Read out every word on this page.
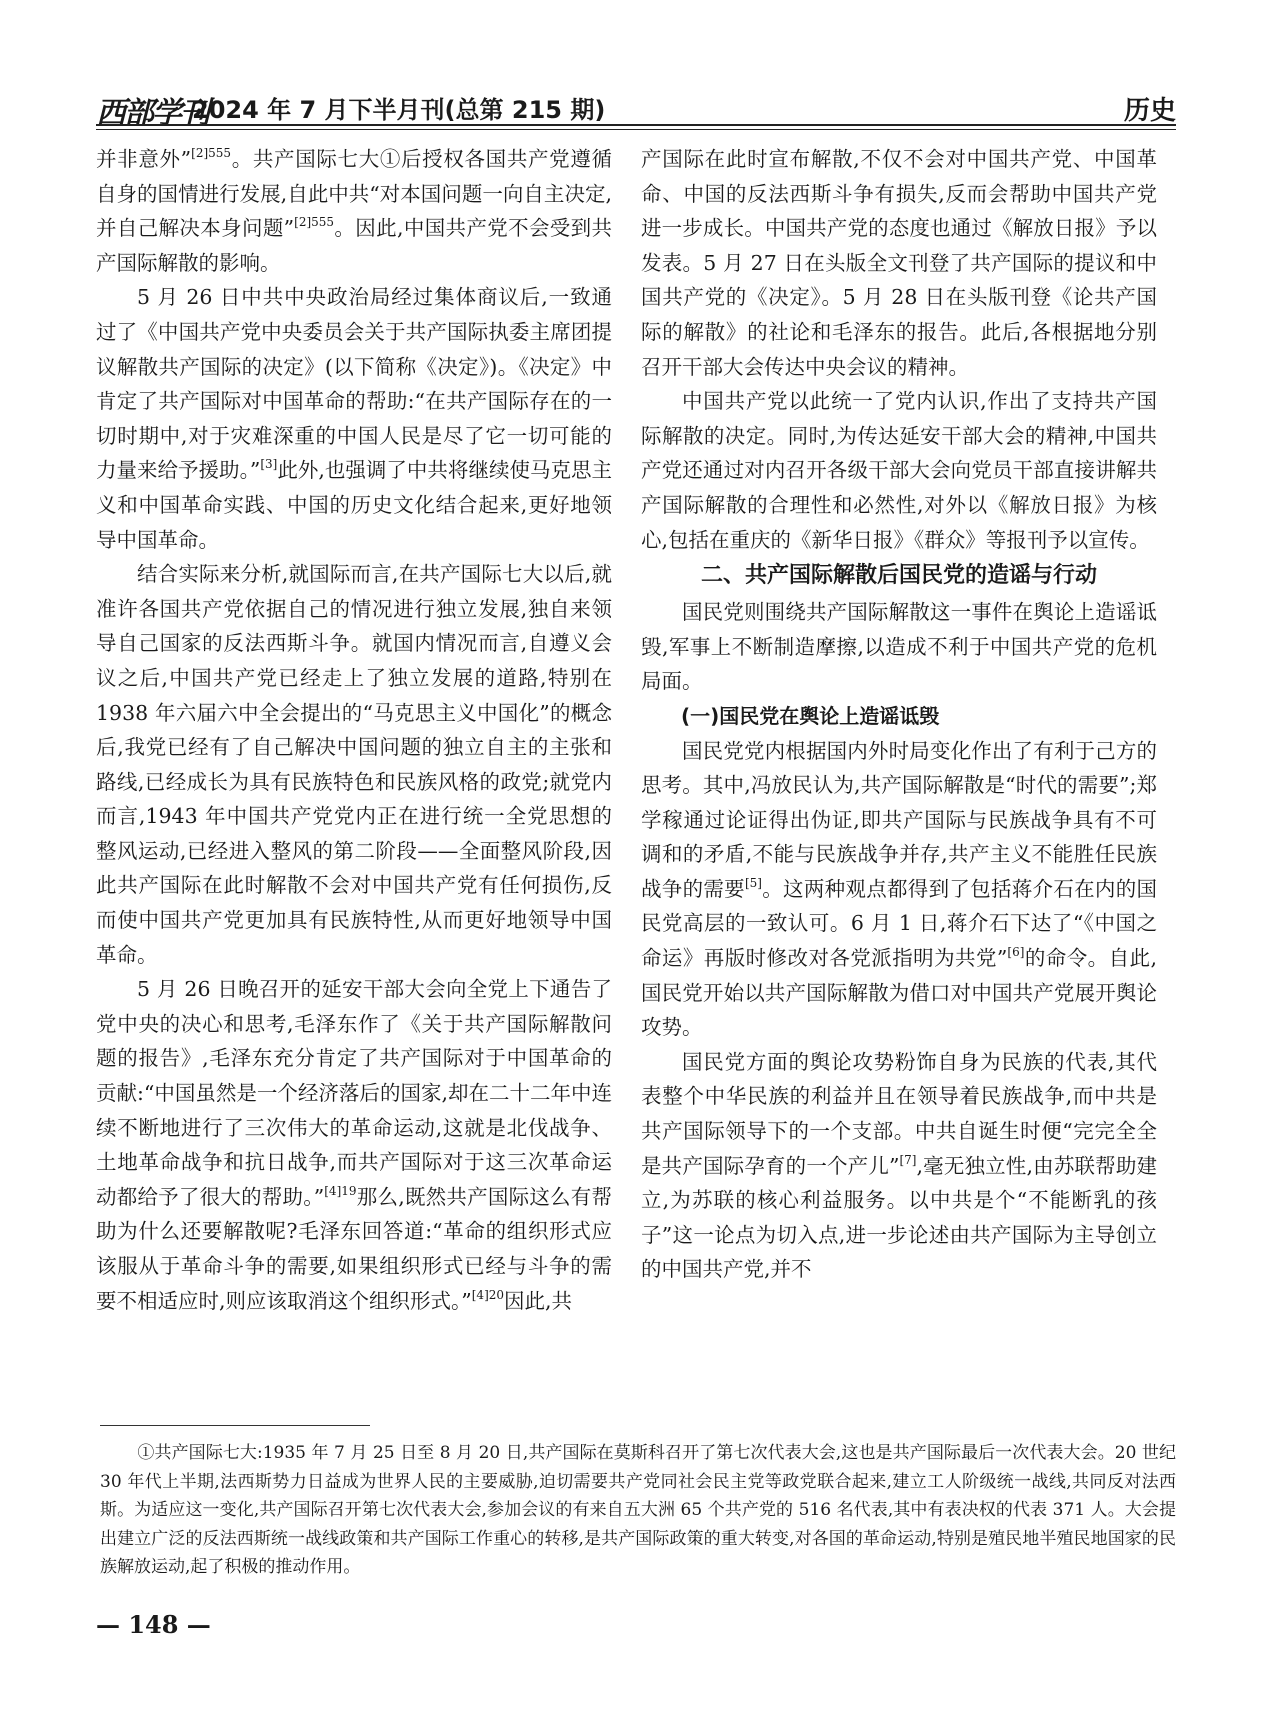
西部学刊
2024 年 7 月下半月刊(总第 215 期)	历史

并非意外”$^{[2]555}$。共产国际七大①后授权各国共产党遵循自身的国情进行发展,自此中共“对本国问题一向自主决定,并自己解决本身问题”$^{[2]555}$。因此,中国共产党不会受到共产国际解散的影响。

5 月 26 日中共中央政治局经过集体商议后,一致通过了《中国共产党中央委员会关于共产国际执委主席团提议解散共产国际的决定》(以下简称《决定》)。《决定》中肯定了共产国际对中国革命的帮助:“在共产国际存在的一切时期中,对于灾难深重的中国人民是尽了它一切可能的力量来给予援助。”[3]此外,也强调了中共将继续使马克思主义和中国革命实践、中国的历史文化结合起来,更好地领导中国革命。

结合实际来分析,就国际而言,在共产国际七大以后,就准许各国共产党依据自己的情况进行独立发展,独自来领导自己国家的反法西斯斗争。就国内情况而言,自遵义会议之后,中国共产党已经走上了独立发展的道路,特别在 1938 年六届六中全会提出的“马克思主义中国化”的概念后,我党已经有了自己解决中国问题的独立自主的主张和路线,已经成长为具有民族特色和民族风格的政党;就党内而言,1943 年中国共产党党内正在进行统一全党思想的整风运动,已经进入整风的第二阶段——全面整风阶段,因此共产国际在此时解散不会对中国共产党有任何损伤,反而使中国共产党更加具有民族特性,从而更好地领导中国革命。

5 月 26 日晚召开的延安干部大会向全党上下通告了党中央的决心和思考,毛泽东作了《关于共产国际解散问题的报告》,毛泽东充分肯定了共产国际对于中国革命的贡献:“中国虽然是一个经济落后的国家,却在二十二年中连续不断地进行了三次伟大的革命运动,这就是北伐战争、土地革命战争和抗日战争,而共产国际对于这三次革命运动都给予了很大的帮助。”$^{[4]19}$那么,既然共产国际这么有帮助为什么还要解散呢?毛泽东回答道:“革命的组织形式应该服从于革命斗争的需要,如果组织形式已经与斗争的需要不相适应时,则应该取消这个组织形式。”$^{[4]20}$因此,共

产国际在此时宣布解散,不仅不会对中国共产党、中国革命、中国的反法西斯斗争有损失,反而会帮助中国共产党进一步成长。中国共产党的态度也通过《解放日报》予以发表。5 月 27 日在头版全文刊登了共产国际的提议和中国共产党的《决定》。5 月 28 日在头版刊登《论共产国际的解散》的社论和毛泽东的报告。此后,各根据地分别召开干部大会传达中央会议的精神。

中国共产党以此统一了党内认识,作出了支持共产国际解散的决定。同时,为传达延安干部大会的精神,中国共产党还通过对内召开各级干部大会向党员干部直接讲解共产国际解散的合理性和必然性,对外以《解放日报》为核心,包括在重庆的《新华日报》《群众》等报刊予以宣传。

二、共产国际解散后国民党的造谣与行动

国民党则围绕共产国际解散这一事件在舆论上造谣诋毁,军事上不断制造摩擦,以造成不利于中国共产党的危机局面。

(一)国民党在舆论上造谣诋毁

国民党党内根据国内外时局变化作出了有利于己方的思考。其中,冯放民认为,共产国际解散是“时代的需要”;郑学稼通过论证得出伪证,即共产国际与民族战争具有不可调和的矛盾,不能与民族战争并存,共产主义不能胜任民族战争的需要[5]。这两种观点都得到了包括蒋介石在内的国民党高层的一致认可。6 月 1 日,蒋介石下达了“《中国之命运》再版时修改对各党派指明为共党”[6]的命令。自此,国民党开始以共产国际解散为借口对中国共产党展开舆论攻势。

国民党方面的舆论攻势粉饰自身为民族的代表,其代表整个中华民族的利益并且在领导着民族战争,而中共是共产国际领导下的一个支部。中共自诞生时便“完完全全是共产国际孕育的一个产儿”[7],毫无独立性,由苏联帮助建立,为苏联的核心利益服务。以中共是个“不能断乳的孩子”这一论点为切入点,进一步论述由共产国际为主导创立的中国共产党,并不

①共产国际七大:1935 年 7 月 25 日至 8 月 20 日,共产国际在莫斯科召开了第七次代表大会,这也是共产国际最后一次代表大会。20 世纪 30 年代上半期,法西斯势力日益成为世界人民的主要威胁,迫切需要共产党同社会民主党等政党联合起来,建立工人阶级统一战线,共同反对法西斯。为适应这一变化,共产国际召开第七次代表大会,参加会议的有来自五大洲 65 个共产党的 516 名代表,其中有表决权的代表 371 人。大会提出建立广泛的反法西斯统一战线政策和共产国际工作重心的转移,是共产国际政策的重大转变,对各国的革命运动,特别是殖民地半殖民地国家的民族解放运动,起了积极的推动作用。
— 148 —
